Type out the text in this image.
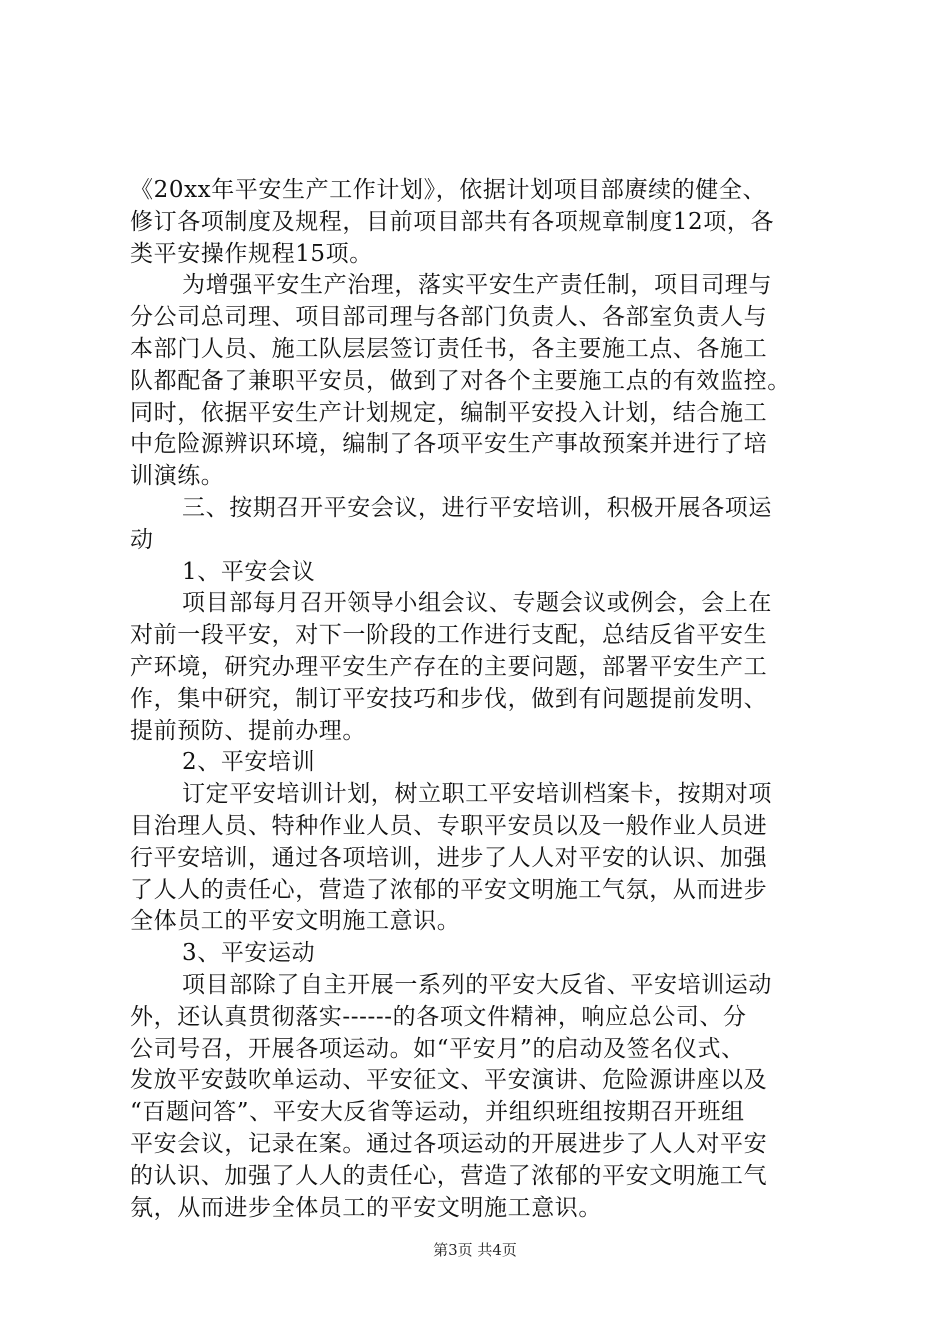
《20xx年平安生产工作计划》，依据计划项目部赓续的健全、
修订各项制度及规程，目前项目部共有各项规章制度12项，各
类平安操作规程15项。
为增强平安生产治理，落实平安生产责任制，项目司理与
分公司总司理、项目部司理与各部门负责人、各部室负责人与
本部门人员、施工队层层签订责任书，各主要施工点、各施工
队都配备了兼职平安员，做到了对各个主要施工点的有效监控。
同时，依据平安生产计划规定，编制平安投入计划，结合施工
中危险源辨识环境，编制了各项平安生产事故预案并进行了培
训演练。
三、按期召开平安会议，进行平安培训，积极开展各项运
动
1、平安会议
项目部每月召开领导小组会议、专题会议或例会，会上在
对前一段平安，对下一阶段的工作进行支配，总结反省平安生
产环境，研究办理平安生产存在的主要问题，部署平安生产工
作，集中研究，制订平安技巧和步伐，做到有问题提前发明、
提前预防、提前办理。
2、平安培训
订定平安培训计划，树立职工平安培训档案卡，按期对项
目治理人员、特种作业人员、专职平安员以及一般作业人员进
行平安培训，通过各项培训，进步了人人对平安的认识、加强
了人人的责任心，营造了浓郁的平安文明施工气氛，从而进步
全体员工的平安文明施工意识。
3、平安运动
项目部除了自主开展一系列的平安大反省、平安培训运动
外，还认真贯彻落实------的各项文件精神，响应总公司、分
公司号召，开展各项运动。如“平安月”的启动及签名仪式、
发放平安鼓吹单运动、平安征文、平安演讲、危险源讲座以及
“百题问答”、平安大反省等运动，并组织班组按期召开班组
平安会议，记录在案。通过各项运动的开展进步了人人对平安
的认识、加强了人人的责任心，营造了浓郁的平安文明施工气
氛，从而进步全体员工的平安文明施工意识。
第3页 共4页
